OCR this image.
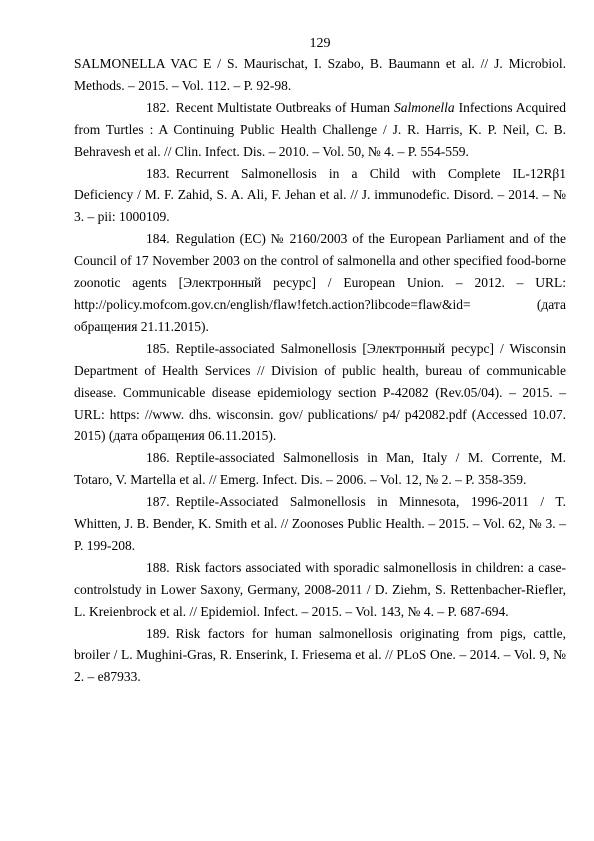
129

SALMONELLA VAC E / S. Maurischat, I. Szabo, B. Baumann et al. // J. Microbiol. Methods. – 2015. – Vol. 112. – P. 92-98.

182. Recent Multistate Outbreaks of Human Salmonella Infections Acquired from Turtles : A Continuing Public Health Challenge / J. R. Harris, K. P. Neil, C. B. Behravesh et al. // Clin. Infect. Dis. – 2010. – Vol. 50, № 4. – P. 554-559.

183. Recurrent Salmonellosis in a Child with Complete IL-12Rβ1 Deficiency / M. F. Zahid, S. A. Ali, F. Jehan et al. // J. immunodefic. Disord. – 2014. – № 3. – pii: 1000109.

184. Regulation (EC) № 2160/2003 of the European Parliament and of the Council of 17 November 2003 on the control of salmonella and other specified food-borne zoonotic agents [Электронный ресурс] / European Union. – 2012. – URL: http://policy.mofcom.gov.cn/english/flaw!fetch.action?libcode=flaw&id= (дата обращения 21.11.2015).

185. Reptile-associated Salmonellosis [Электронный ресурс] / Wisconsin Department of Health Services // Division of public health, bureau of communicable disease. Communicable disease epidemiology section P-42082 (Rev.05/04). – 2015. – URL: https: //www. dhs. wisconsin. gov/ publications/ p4/ p42082.pdf (Accessed 10.07. 2015) (дата обращения 06.11.2015).

186. Reptile-associated Salmonellosis in Man, Italy / M. Corrente, M. Totaro, V. Martella et al. // Emerg. Infect. Dis. – 2006. – Vol. 12, № 2. – P. 358-359.

187. Reptile-Associated Salmonellosis in Minnesota, 1996-2011 / T. Whitten, J. B. Bender, K. Smith et al. // Zoonoses Public Health. – 2015. – Vol. 62, № 3. – P. 199-208.

188. Risk factors associated with sporadic salmonellosis in children: a case-controlstudy in Lower Saxony, Germany, 2008-2011 / D. Ziehm, S. Rettenbacher-Riefler, L. Kreienbrock et al. // Epidemiol. Infect. – 2015. – Vol. 143, № 4. – P. 687-694.

189. Risk factors for human salmonellosis originating from pigs, cattle, broiler / L. Mughini-Gras, R. Enserink, I. Friesema et al. // PLoS One. – 2014. – Vol. 9, № 2. – e87933.
